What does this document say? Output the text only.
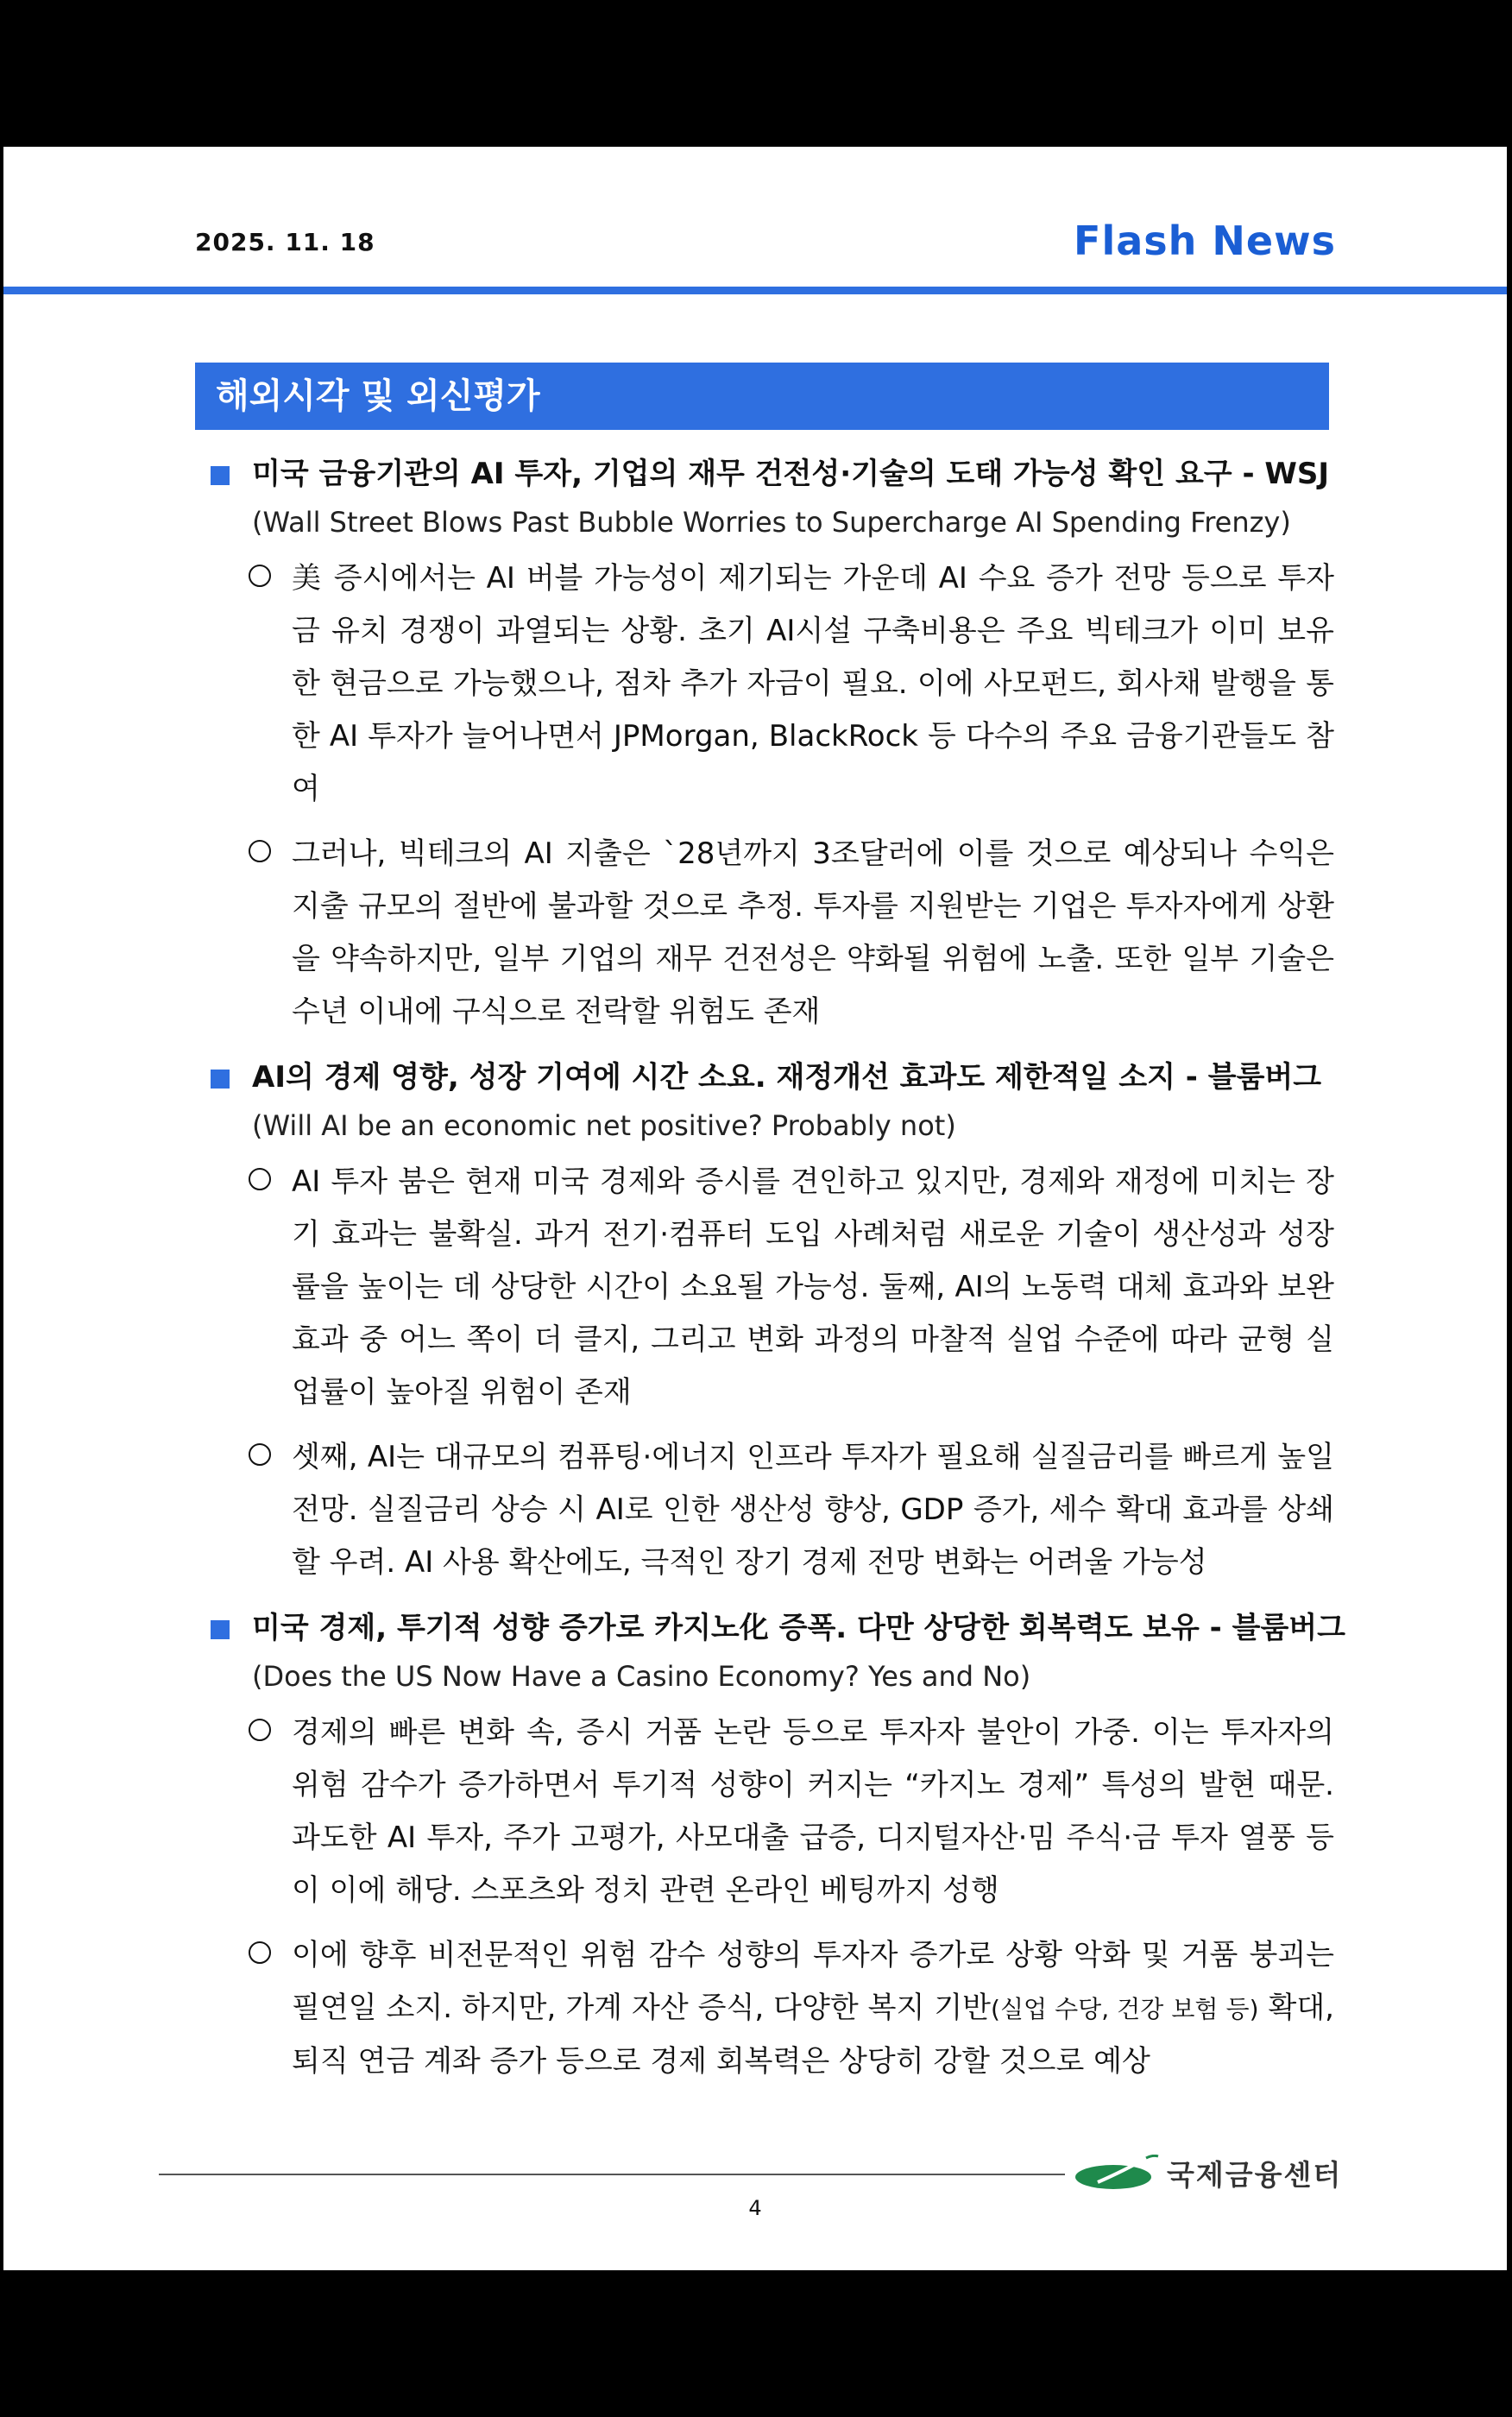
2025. 11. 18	Flash News
해외시각 및 외신평가
미국 금융기관의 AI 투자, 기업의 재무 건전성·기술의 도태 가능성 확인 요구 - WSJ
(Wall Street Blows Past Bubble Worries to Supercharge AI Spending Frenzy)
美 증시에서는 AI 버블 가능성이 제기되는 가운데 AI 수요 증가 전망 등으로 투자금 유치 경쟁이 과열되는 상황. 초기 AI시설 구축비용은 주요 빅테크가 이미 보유한 현금으로 가능했으나, 점차 추가 자금이 필요. 이에 사모펀드, 회사채 발행을 통한 AI 투자가 늘어나면서 JPMorgan, BlackRock 등 다수의 주요 금융기관들도 참여
그러나, 빅테크의 AI 지출은 `28년까지 3조달러에 이를 것으로 예상되나 수익은 지출 규모의 절반에 불과할 것으로 추정. 투자를 지원받는 기업은 투자자에게 상환을 약속하지만, 일부 기업의 재무 건전성은 약화될 위험에 노출. 또한 일부 기술은 수년 이내에 구식으로 전락할 위험도 존재
AI의 경제 영향, 성장 기여에 시간 소요. 재정개선 효과도 제한적일 소지 - 블룸버그
(Will AI be an economic net positive? Probably not)
AI 투자 붐은 현재 미국 경제와 증시를 견인하고 있지만, 경제와 재정에 미치는 장기 효과는 불확실. 과거 전기·컴퓨터 도입 사례처럼 새로운 기술이 생산성과 성장률을 높이는 데 상당한 시간이 소요될 가능성. 둘째, AI의 노동력 대체 효과와 보완 효과 중 어느 쪽이 더 클지, 그리고 변화 과정의 마찰적 실업 수준에 따라 균형 실업률이 높아질 위험이 존재
셋째, AI는 대규모의 컴퓨팅·에너지 인프라 투자가 필요해 실질금리를 빠르게 높일 전망. 실질금리 상승 시 AI로 인한 생산성 향상, GDP 증가, 세수 확대 효과를 상쇄할 우려. AI 사용 확산에도, 극적인 장기 경제 전망 변화는 어려울 가능성
미국 경제, 투기적 성향 증가로 카지노化 증폭. 다만 상당한 회복력도 보유 - 블룸버그
(Does the US Now Have a Casino Economy? Yes and No)
경제의 빠른 변화 속, 증시 거품 논란 등으로 투자자 불안이 가중. 이는 투자자의 위험 감수가 증가하면서 투기적 성향이 커지는 “카지노 경제” 특성의 발현 때문. 과도한 AI 투자, 주가 고평가, 사모대출 급증, 디지털자산·밈 주식·금 투자 열풍 등이 이에 해당. 스포츠와 정치 관련 온라인 베팅까지 성행
이에 향후 비전문적인 위험 감수 성향의 투자자 증가로 상황 악화 및 거품 붕괴는 필연일 소지. 하지만, 가계 자산 증식, 다양한 복지 기반(실업 수당, 건강 보험 등) 확대, 퇴직 연금 계좌 증가 등으로 경제 회복력은 상당히 강할 것으로 예상
국제금융센터
4
